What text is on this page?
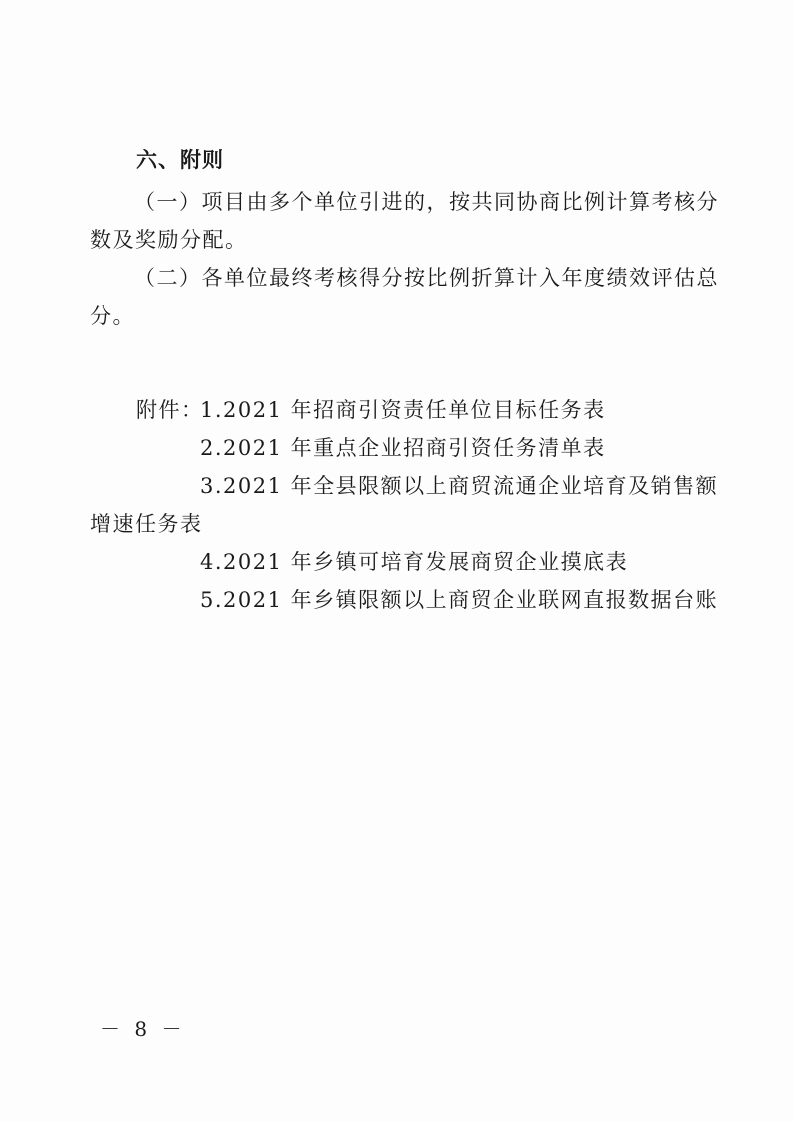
六、附则
（一）项目由多个单位引进的，按共同协商比例计算考核分
数及奖励分配。
（二）各单位最终考核得分按比例折算计入年度绩效评估总
分。
附件：
1.2021 年招商引资责任单位目标任务表
2.2021 年重点企业招商引资任务清单表
3.2021 年全县限额以上商贸流通企业培育及销售额
增速任务表
4.2021 年乡镇可培育发展商贸企业摸底表
5.2021 年乡镇限额以上商贸企业联网直报数据台账
－ 8 －
